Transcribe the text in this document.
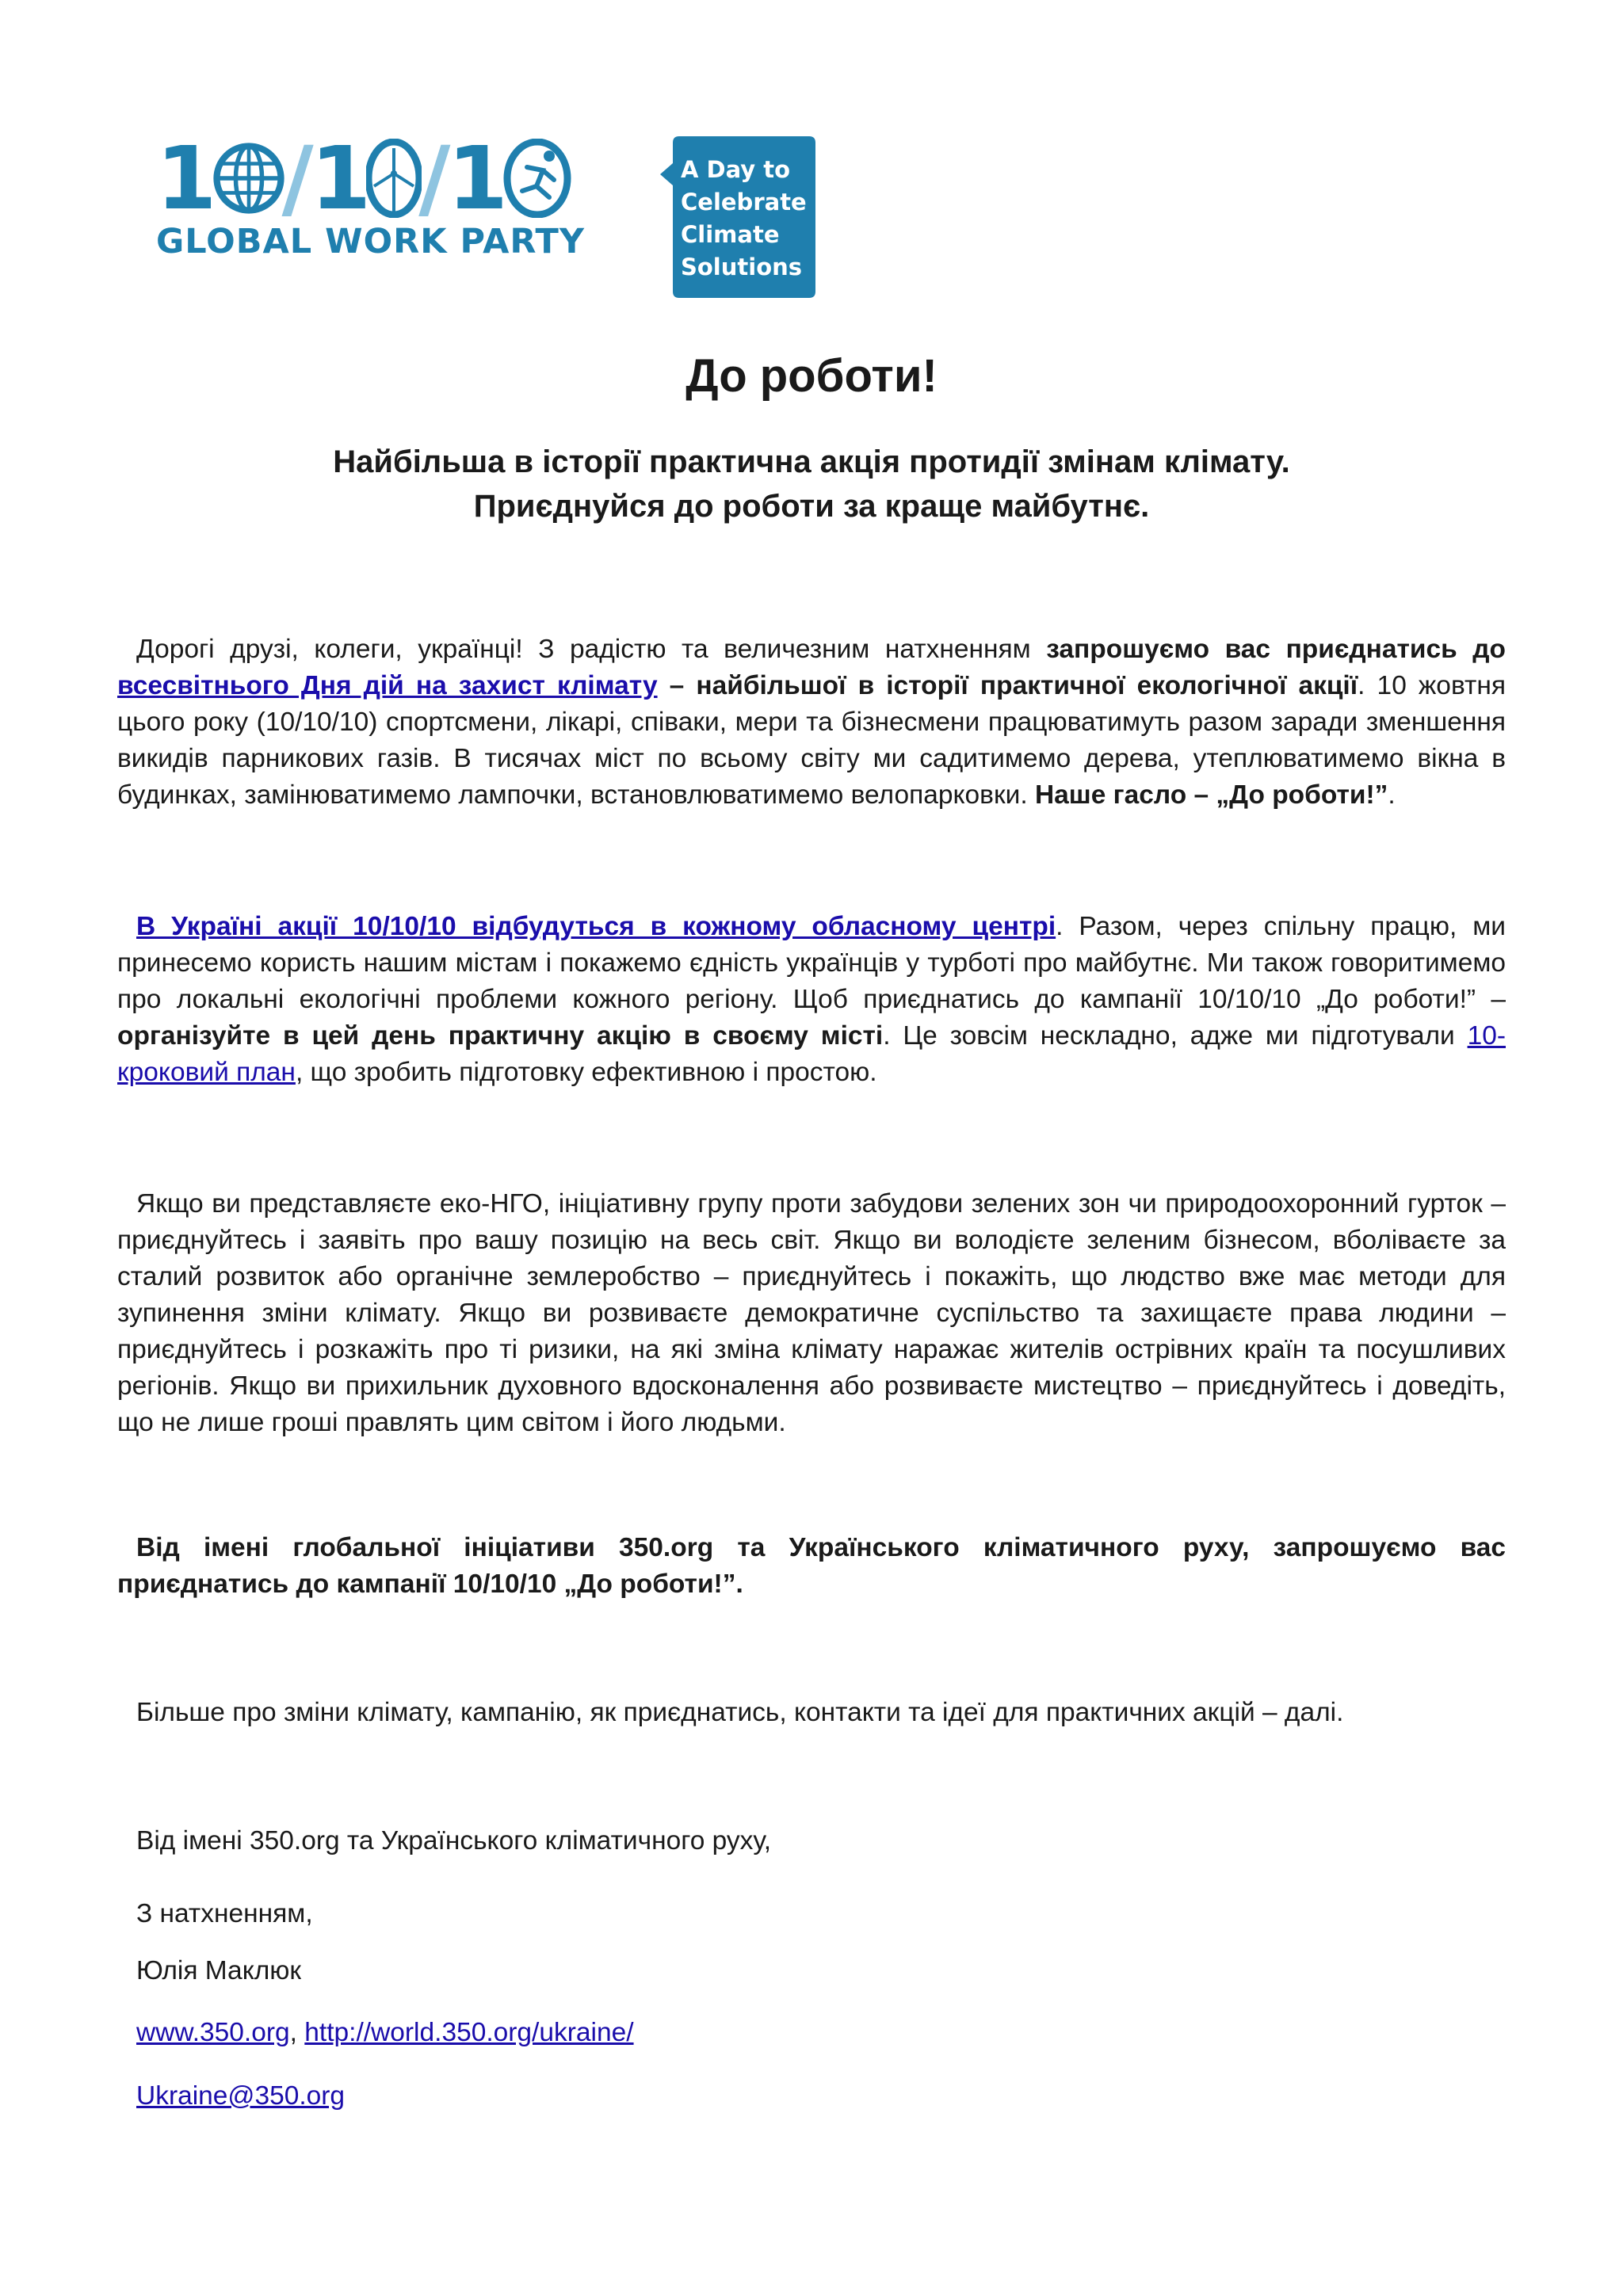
1 /
1 /
1
GLOBAL WORK PARTY
A Day to
Celebrate
Climate
Solutions
До роботи!
Найбільша в історії практична акція протидії змінам клімату.
Приєднуйся до роботи за краще майбутнє.
Дорогі друзі, колеги, українці! З радістю та величезним натхненням запрошуємо вас приєднатись до всесвітнього Дня дій на захист клімату – найбільшої в історії практичної екологічної акції. 10 жовтня цього року (10/10/10) спортсмени, лікарі, співаки, мери та бізнесмени працюватимуть разом заради зменшення викидів парникових газів. В тисячах міст по всьому світу ми садитимемо дерева, утеплюватимемо вікна в будинках, замінюватимемо лампочки, встановлюватимемо велопарковки. Наше гасло – „До роботи!”.
В Україні акції 10/10/10 відбудуться в кожному обласному центрі. Разом, через спільну працю, ми принесемо користь нашим містам і покажемо єдність українців у турботі про майбутнє. Ми також говоритимемо про локальні екологічні проблеми кожного регіону. Щоб приєднатись до кампанії 10/10/10 „До роботи!” – організуйте в цей день практичну акцію в своєму місті. Це зовсім нескладно, адже ми підготували 10-кроковий план, що зробить підготовку ефективною і простою.
Якщо ви представляєте еко-НГО, ініціативну групу проти забудови зелених зон чи природоохоронний гурток – приєднуйтесь і заявіть про вашу позицію на весь світ. Якщо ви володієте зеленим бізнесом, вболіваєте за сталий розвиток або органічне землеробство – приєднуйтесь і покажіть, що людство вже має методи для зупинення зміни клімату. Якщо ви розвиваєте демократичне суспільство та захищаєте права людини – приєднуйтесь і розкажіть про ті ризики, на які зміна клімату наражає жителів острівних країн та посушливих регіонів. Якщо ви прихильник духовного вдосконалення або розвиваєте мистецтво – приєднуйтесь і доведіть, що не лише гроші правлять цим світом і його людьми.
Від імені глобальної ініціативи 350.org та Українського кліматичного руху, запрошуємо вас приєднатись до кампанії 10/10/10 „До роботи!”.
Більше про зміни клімату, кампанію, як приєднатись, контакти та ідеї для практичних акцій – далі.
Від імені 350.org та Українського кліматичного руху,
З натхненням,
Юлія Маклюк
www.350.org, http://world.350.org/ukraine/
Ukraine@350.org
